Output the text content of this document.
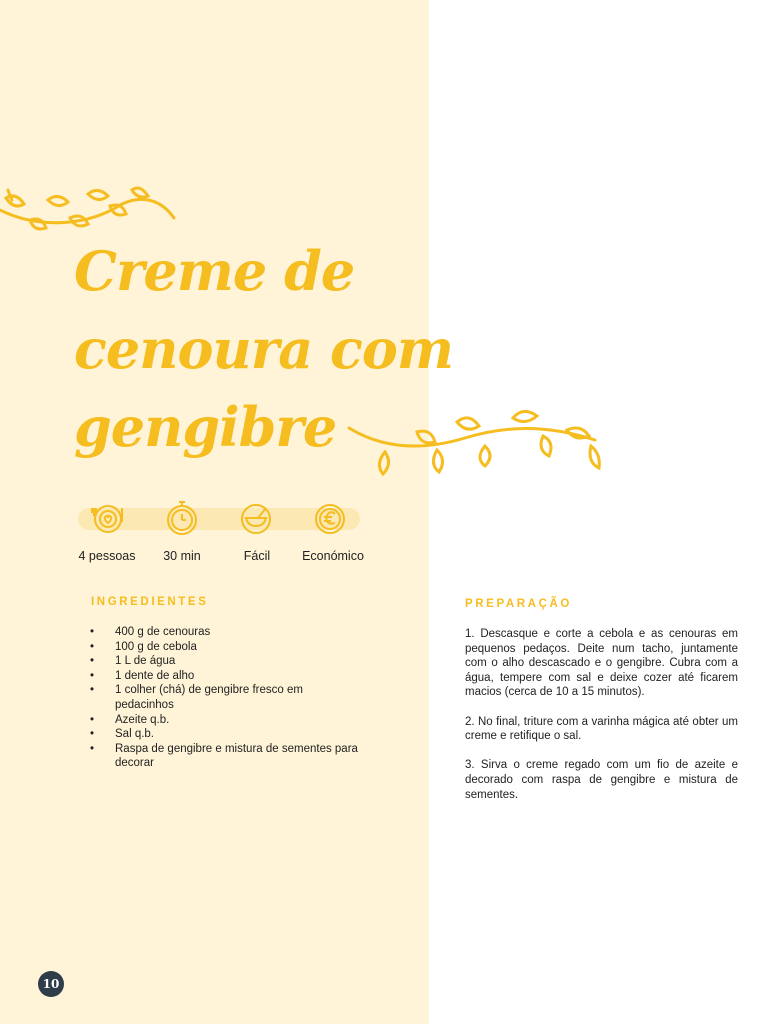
Creme de
cenoura com
gengibre
4 pessoas	30 min	Fácil	Económico
INGREDIENTES
• 400 g de cenouras
• 100 g de cebola
• 1 L de água
• 1 dente de alho
• 1 colher (chá) de gengibre fresco em pedacinhos
• Azeite q.b.
• Sal q.b.
• Raspa de gengibre e mistura de sementes para decorar
PREPARAÇÃO

1. Descasque e corte a cebola e as cenouras em pequenos pedaços. Deite num tacho, juntamente com o alho descascado e o gengibre. Cubra com a água, tempere com sal e deixe cozer até ficarem macios (cerca de 10 a 15 minutos).

2. No final, triture com a varinha mágica até obter um creme e retifique o sal.

3. Sirva o creme regado com um fio de azeite e decorado com raspa de gengibre e mistura de sementes.

10
